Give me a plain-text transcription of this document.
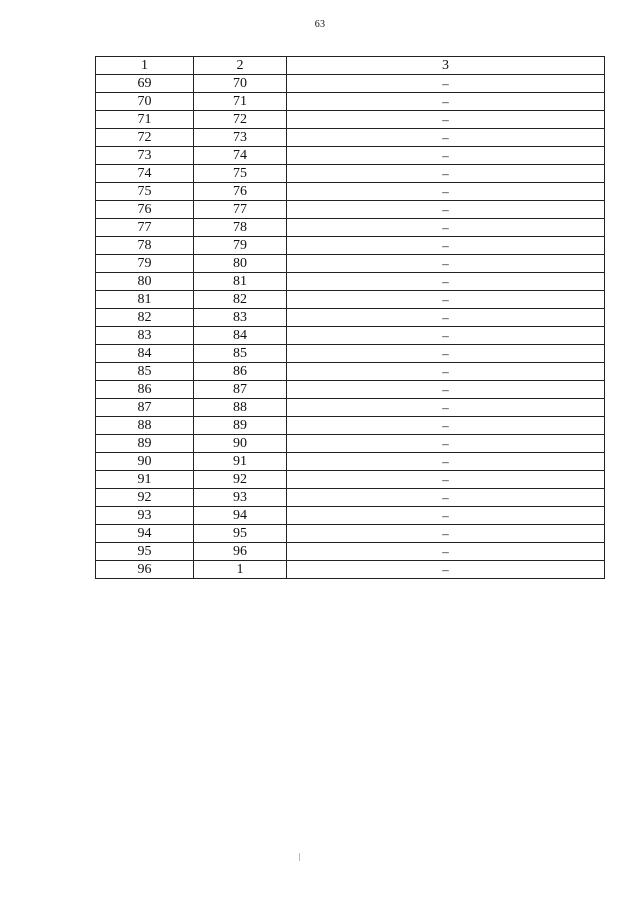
63
1	2	3
69	70	–
70	71	–
71	72	–
72	73	–
73	74	–
74	75	–
75	76	–
76	77	–
77	78	–
78	79	–
79	80	–
80	81	–
81	82	–
82	83	–
83	84	–
84	85	–
85	86	–
86	87	–
87	88	–
88	89	–
89	90	–
90	91	–
91	92	–
92	93	–
93	94	–
94	95	–
95	96	–
96	1	–
